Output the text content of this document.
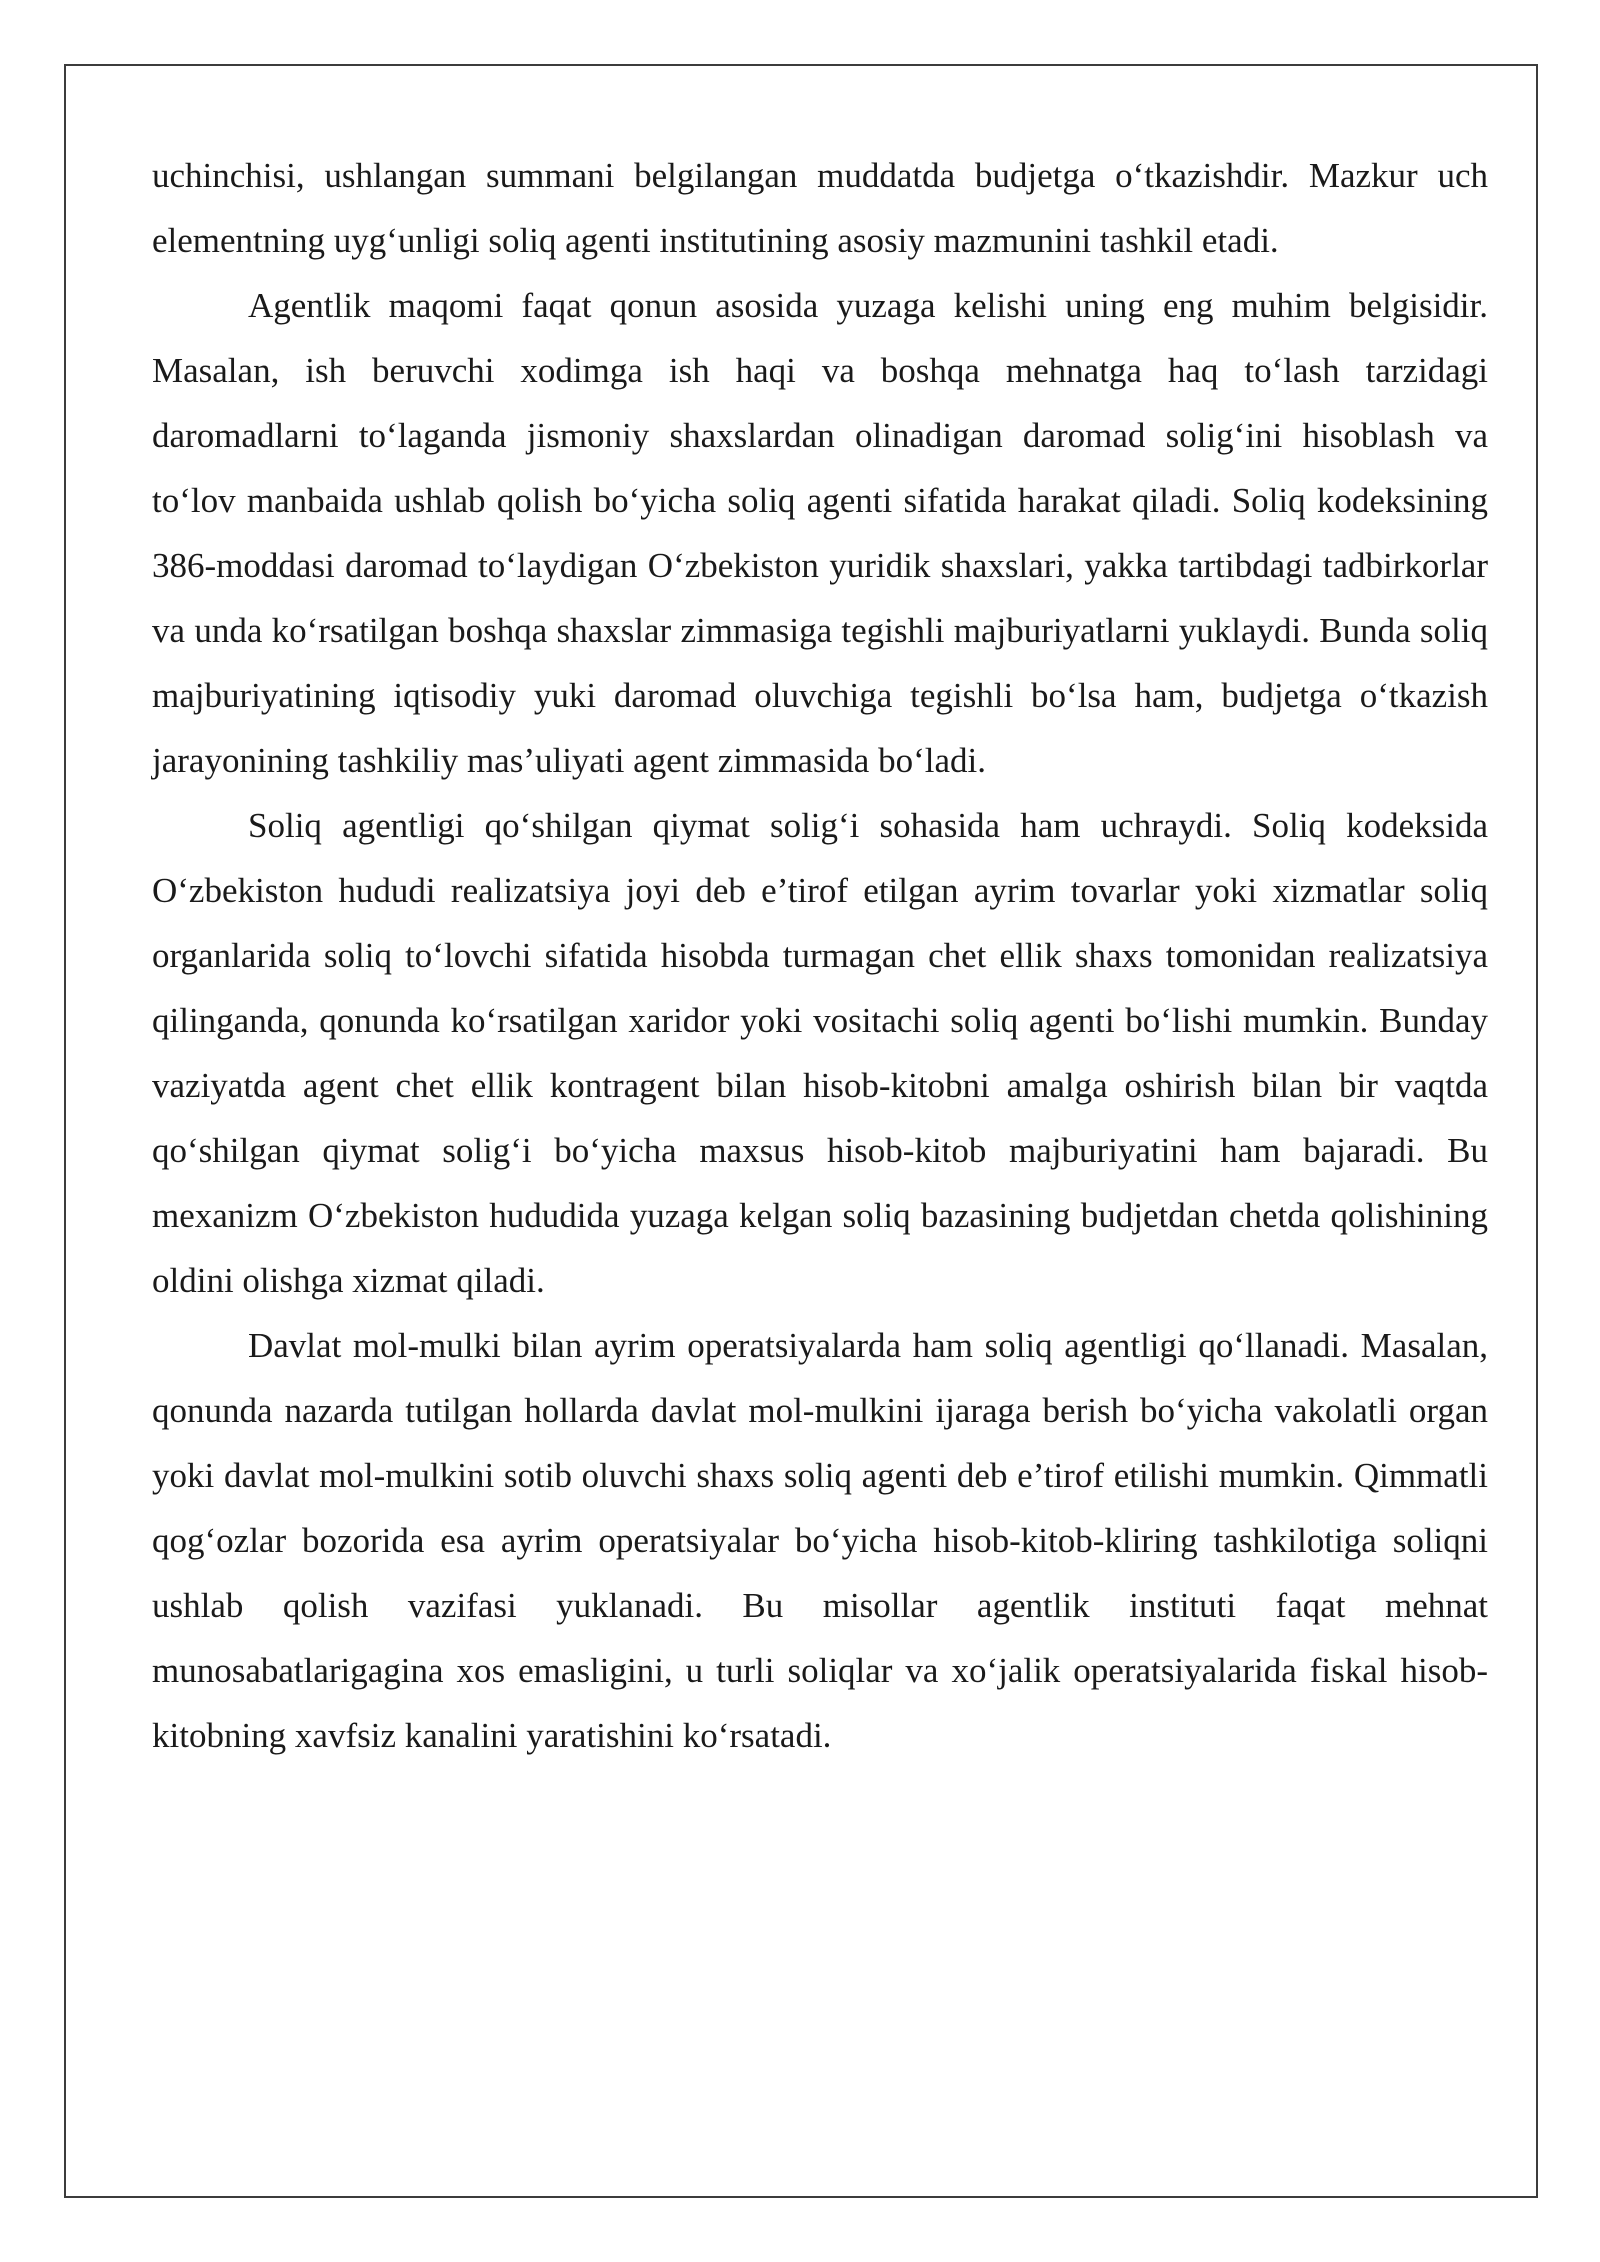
uchinchisi, ushlangan summani belgilangan muddatda budjetga o‘tkazishdir. Mazkur uch elementning uyg‘unligi soliq agenti institutining asosiy mazmunini tashkil etadi.

Agentlik maqomi faqat qonun asosida yuzaga kelishi uning eng muhim belgisidir. Masalan, ish beruvchi xodimga ish haqi va boshqa mehnatga haq to‘lash tarzidagi daromadlarni to‘laganda jismoniy shaxslardan olinadigan daromad solig‘ini hisoblash va to‘lov manbaida ushlab qolish bo‘yicha soliq agenti sifatida harakat qiladi. Soliq kodeksining 386-moddasi daromad to‘laydigan O‘zbekiston yuridik shaxslari, yakka tartibdagi tadbirkorlar va unda ko‘rsatilgan boshqa shaxslar zimmasiga tegishli majburiyatlarni yuklaydi. Bunda soliq majburiyatining iqtisodiy yuki daromad oluvchiga tegishli bo‘lsa ham, budjetga o‘tkazish jarayonining tashkiliy mas’uliyati agent zimmasida bo‘ladi.

Soliq agentligi qo‘shilgan qiymat solig‘i sohasida ham uchraydi. Soliq kodeksida O‘zbekiston hududi realizatsiya joyi deb e’tirof etilgan ayrim tovarlar yoki xizmatlar soliq organlarida soliq to‘lovchi sifatida hisobda turmagan chet ellik shaxs tomonidan realizatsiya qilinganda, qonunda ko‘rsatilgan xaridor yoki vositachi soliq agenti bo‘lishi mumkin. Bunday vaziyatda agent chet ellik kontragent bilan hisob-kitobni amalga oshirish bilan bir vaqtda qo‘shilgan qiymat solig‘i bo‘yicha maxsus hisob-kitob majburiyatini ham bajaradi. Bu mexanizm O‘zbekiston hududida yuzaga kelgan soliq bazasining budjetdan chetda qolishining oldini olishga xizmat qiladi.

Davlat mol-mulki bilan ayrim operatsiyalarda ham soliq agentligi qo‘llanadi. Masalan, qonunda nazarda tutilgan hollarda davlat mol-mulkini ijaraga berish bo‘yicha vakolatli organ yoki davlat mol-mulkini sotib oluvchi shaxs soliq agenti deb e’tirof etilishi mumkin. Qimmatli qog‘ozlar bozorida esa ayrim operatsiyalar bo‘yicha hisob-kitob-kliring tashkilotiga soliqni ushlab qolish vazifasi yuklanadi. Bu misollar agentlik instituti faqat mehnat munosabatlarigagina xos emasligini, u turli soliqlar va xo‘jalik operatsiyalarida fiskal hisob-kitobning xavfsiz kanalini yaratishini ko‘rsatadi.
